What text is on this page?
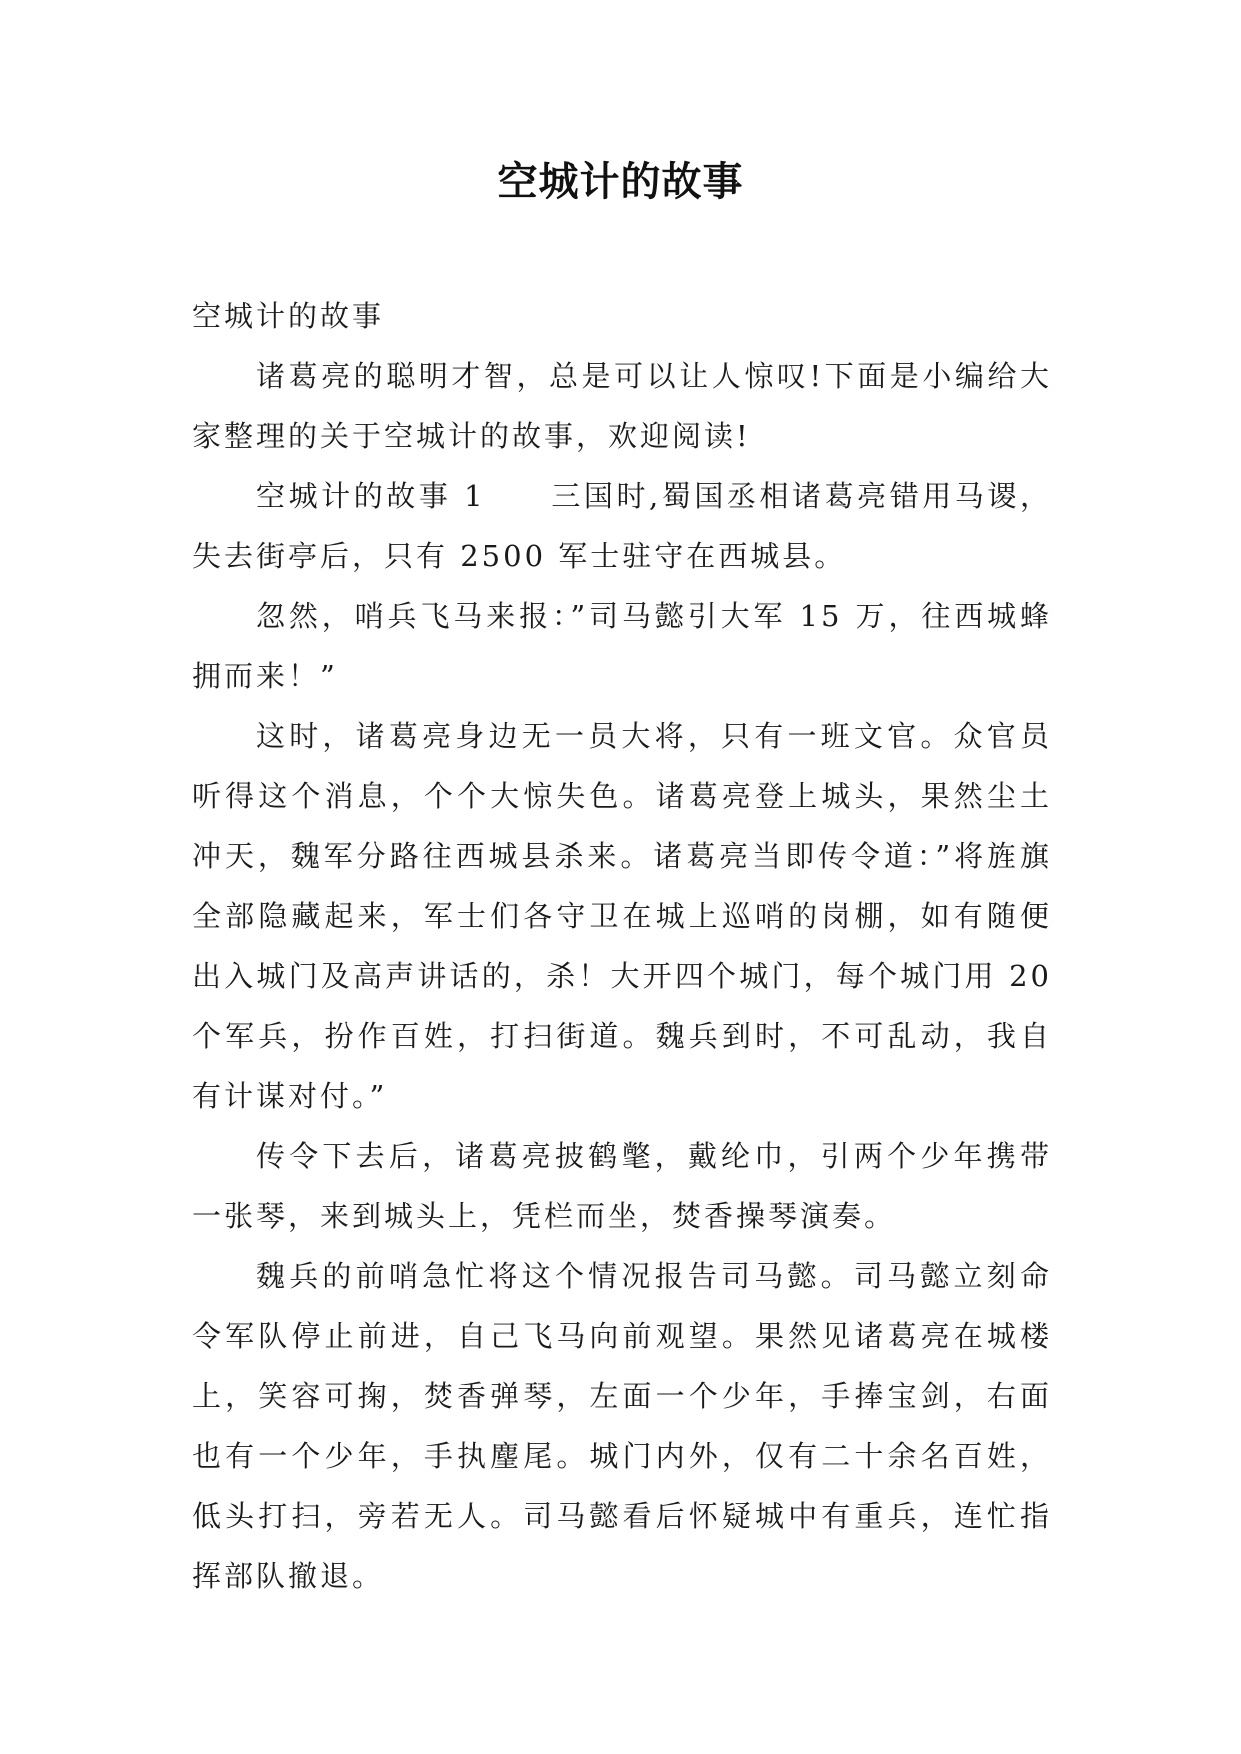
空城计的故事

空城计的故事

诸葛亮的聪明才智，总是可以让人惊叹!下面是小编给大家整理的关于空城计的故事，欢迎阅读!

空城计的故事 1　　三国时,蜀国丞相诸葛亮错用马谡，失去街亭后，只有 2500 军士驻守在西城县。

忽然，哨兵飞马来报：”司马懿引大军 15 万，往西城蜂拥而来！”

这时，诸葛亮身边无一员大将，只有一班文官。众官员听得这个消息，个个大惊失色。诸葛亮登上城头，果然尘土冲天，魏军分路往西城县杀来。诸葛亮当即传令道：”将旌旗全部隐藏起来，军士们各守卫在城上巡哨的岗棚，如有随便出入城门及高声讲话的，杀！大开四个城门，每个城门用 20 个军兵，扮作百姓，打扫街道。魏兵到时，不可乱动，我自有计谋对付。”

传令下去后，诸葛亮披鹤氅，戴纶巾，引两个少年携带一张琴，来到城头上，凭栏而坐，焚香操琴演奏。

魏兵的前哨急忙将这个情况报告司马懿。司马懿立刻命令军队停止前进，自己飞马向前观望。果然见诸葛亮在城楼上，笑容可掬，焚香弹琴，左面一个少年，手捧宝剑，右面也有一个少年，手执麈尾。城门内外，仅有二十余名百姓，低头打扫，旁若无人。司马懿看后怀疑城中有重兵，连忙指挥部队撤退。
